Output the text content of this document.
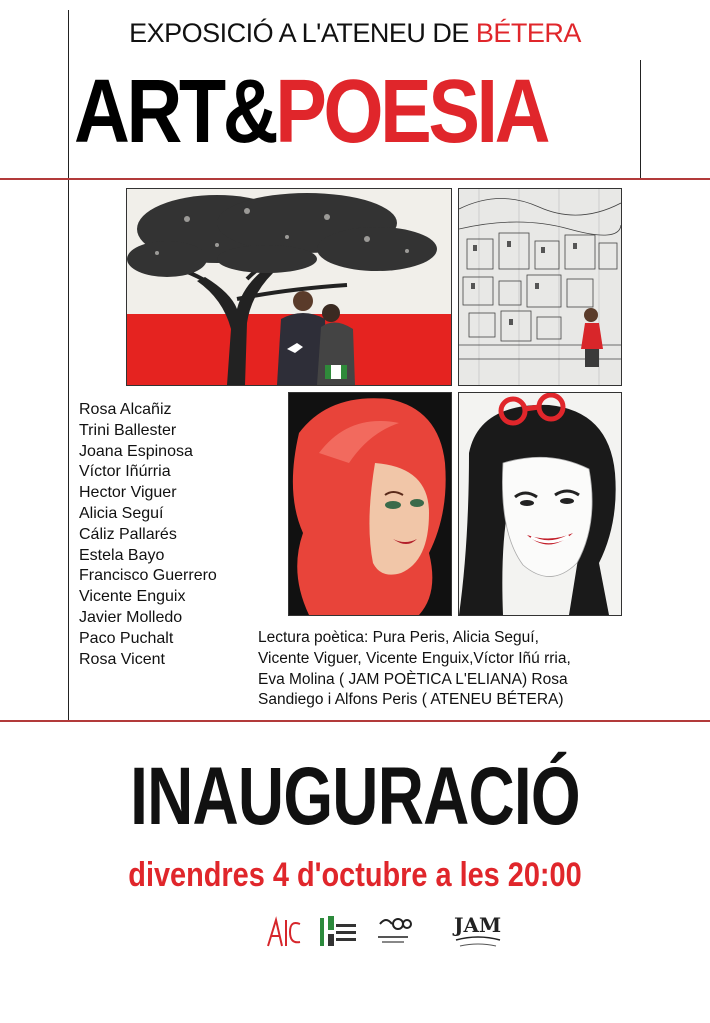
EXPOSICIÓ A L'ATENEU DE BÉTERA
ART&POESIA
Rosa Alcañiz
Trini Ballester
Joana Espinosa
Víctor Iñúrria
Hector Viguer
Alicia Seguí
Cáliz Pallarés
Estela Bayo
Francisco Guerrero
Vicente Enguix
Javier Molledo
Paco Puchalt
Rosa Vicent
Lectura poètica: Pura Peris, Alicia Seguí,
Vicente Viguer, Vicente Enguix,Víctor Iñú rria,
Eva Molina ( JAM POÈTICA L'ELIANA) Rosa
Sandiego i Alfons Peris ( ATENEU BÉTERA)
INAUGURACIÓ
divendres 4 d'octubre a les 20:00
JAM
